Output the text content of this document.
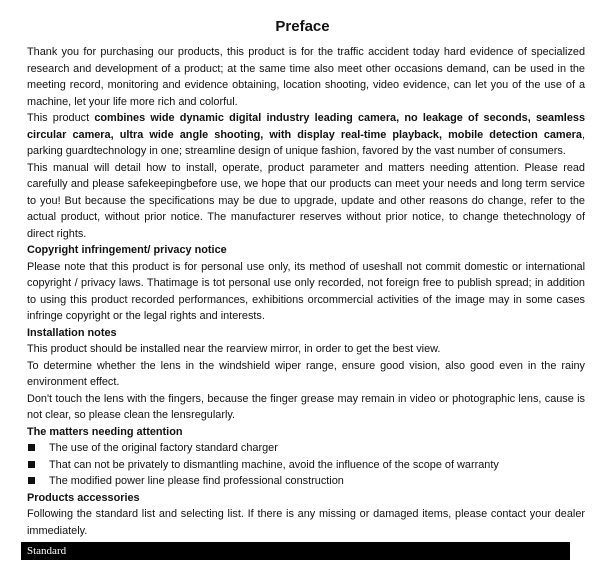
Preface

Thank you for purchasing our products, this product is for the traffic accident today hard evidence of specialized research and development of a product; at the same time also meet other occasions demand, can be used in the meeting record, monitoring and evidence obtaining, location shooting, video evidence, can let you of the use of a machine, let your life more rich and colorful.

This product combines wide dynamic digital industry leading camera, no leakage of seconds, seamless circular camera, ultra wide angle shooting, with display real-time playback, mobile detection camera, parking guardtechnology in one; streamline design of unique fashion, favored by the vast number of consumers.

This manual will detail how to install, operate, product parameter and matters needing attention. Please read carefully and please safekeepingbefore use, we hope that our products can meet your needs and long term service to you! But because the specifications may be due to upgrade, update and other reasons do change, refer to the actual product, without prior notice. The manufacturer reserves without prior notice, to change thetechnology of direct rights.

Copyright infringement/ privacy notice

Please note that this product is for personal use only, its method of useshall not commit domestic or international copyright / privacy laws. Thatimage is tot personal use only recorded, not foreign free to publish spread; in addition to using this product recorded performances, exhibitions orcommercial activities of the image may in some cases infringe copyright or the legal rights and interests.

Installation notes

This product should be installed near the rearview mirror, in order to get the best view.

To determine whether the lens in the windshield wiper range, ensure good vision, also good even in the rainy environment effect.

Don't touch the lens with the fingers, because the finger grease may remain in video or photographic lens, cause is not clear, so please clean the lensregularly.

The matters needing attention

The use of the original factory standard charger
That can not be privately to dismantling machine, avoid the influence of the scope of warranty
The modified power line please find professional construction

Products accessories

Following the standard list and selecting list. If there is any missing or damaged items, please contact your dealer immediately.

Standard
